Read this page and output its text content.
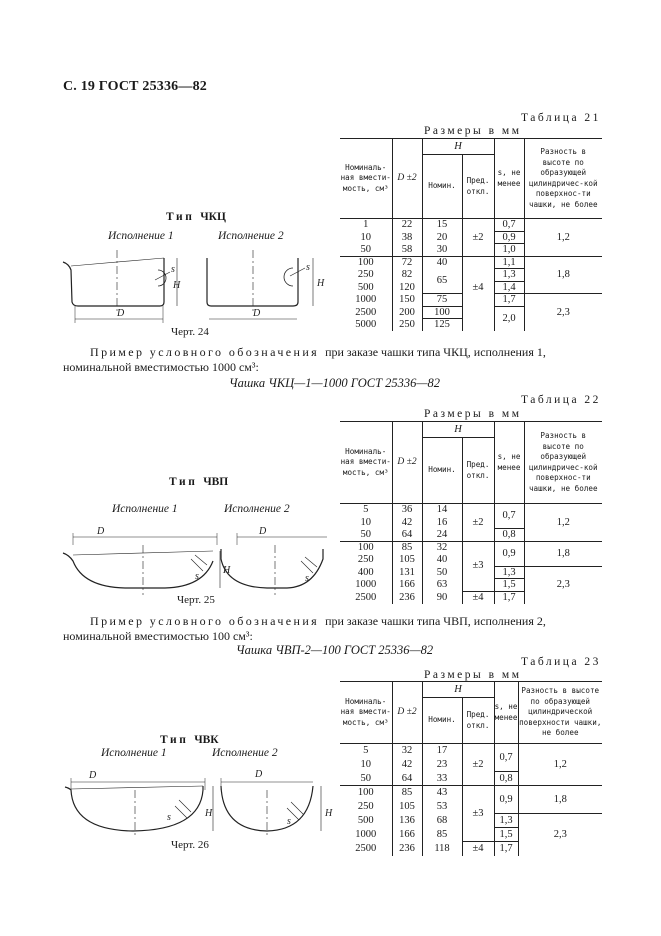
С. 19 ГОСТ 25336—82
Таблица 21
Размеры в мм
Номиналь-ная вмести-мость, см³	D ±2	H		s, не менее	Разность в высоте по образующей цилиндричес-кой поверхнос-ти чашки, не более
		Номин.	Пред. откл.		
1	22	15	±2	0,7	1,2
10	38	20		0,9	
50	58	30		1,0	
100	72	40	±4	1,1	1,8
250	82	65		1,3	
500	120			1,4	
1000	150	75		1,7	2,3
2500	200	100		2,0	
5000	250	125			
Тип ЧКЦ
Исполнение 1	Исполнение 2
s
H
D
s
H
D
Черт. 24
Пример условного обозначения при заказе чашки типа ЧКЦ, исполнения 1,
номинальной вместимостью 1000 см³:
Чашка ЧКЦ—1—1000 ГОСТ 25336—82
Таблица 22
Размеры в мм
Номиналь-ная вмести-мость, см³	D ±2	H		s, не менее	Разность в высоте по образующей цилиндричес-кой поверхнос-ти чашки, не более
		Номин.	Пред. откл.		
5	36	14	±2	0,7	1,2
10	42	16			
50	64	24		0,8	
100	85	32	±3	0,9	1,8
250	105	40			
400	131	50		1,3	2,3
1000	166	63		1,5	
2500	236	90	±4	1,7	
Тип ЧВП
Исполнение 1	Исполнение 2
D
s
H
D
s
Черт. 25
Пример условного обозначения при заказе чашки типа ЧВП, исполнения 2,
номинальной вместимостью 100 см³:
Чашка ЧВП-2—100 ГОСТ 25336—82
Таблица 23
Размеры в мм
Номиналь-ная вмести-мость, см³	D ±2	H		s, не менее	Разность в высоте по образующей цилиндрической поверхности чашки, не более
		Номин.	Пред. откл.		
5	32	17	±2	0,7	1,2
10	42	23			
50	64	33		0,8	
100	85	43	±3	0,9	1,8
250	105	53			
500	136	68		1,3	2,3
1000	166	85		1,5	
2500	236	118	±4	1,7	
Тип ЧВК
Исполнение 1	Исполнение 2
D
s	H
D
s
H
Черт. 26
